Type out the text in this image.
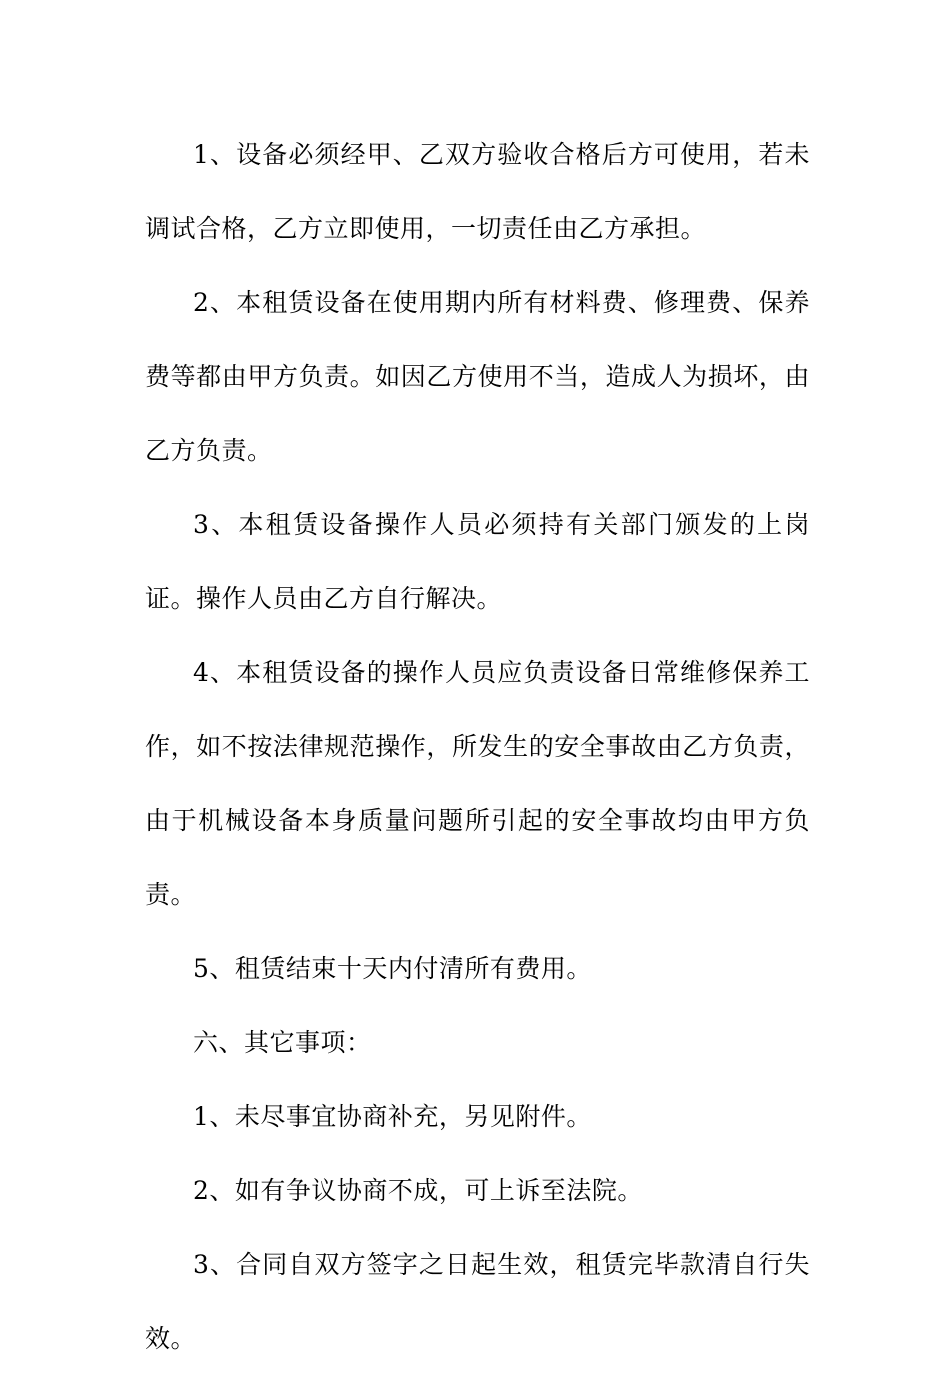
1、设备必须经甲、乙双方验收合格后方可使用，若未调试合格，乙方立即使用，一切责任由乙方承担。

2、本租赁设备在使用期内所有材料费、修理费、保养费等都由甲方负责。如因乙方使用不当，造成人为损坏，由乙方负责。

3、本租赁设备操作人员必须持有关部门颁发的上岗证。操作人员由乙方自行解决。

4、本租赁设备的操作人员应负责设备日常维修保养工作，如不按法律规范操作，所发生的安全事故由乙方负责，由于机械设备本身质量问题所引起的安全事故均由甲方负责。

5、租赁结束十天内付清所有费用。

六、其它事项：

1、未尽事宜协商补充，另见附件。

2、如有争议协商不成，可上诉至法院。

3、合同自双方签字之日起生效，租赁完毕款清自行失效。
